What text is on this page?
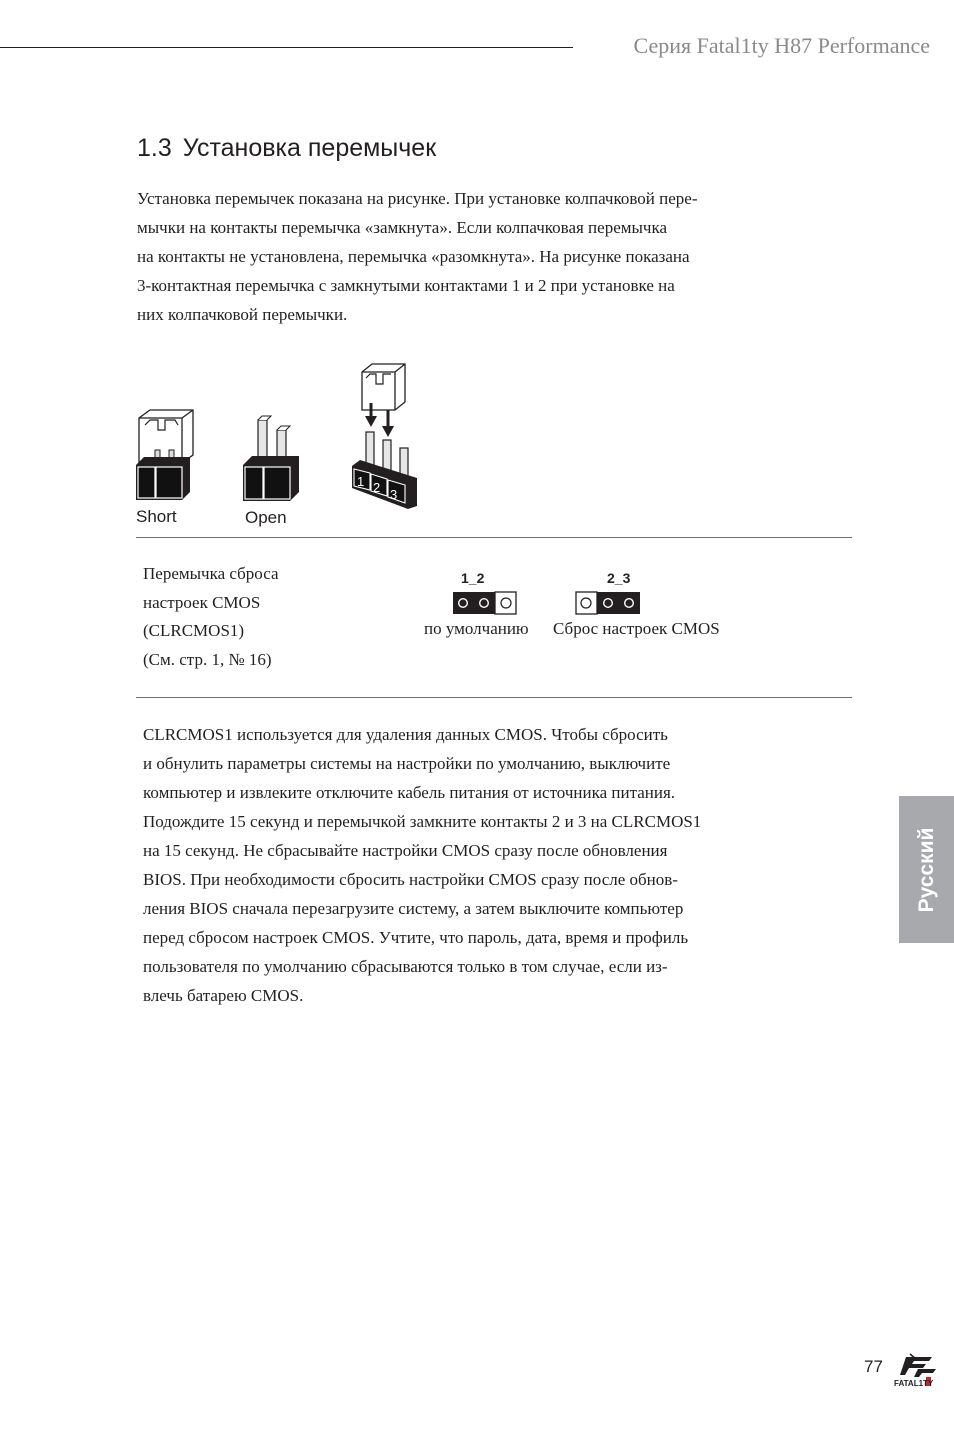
Серия Fatal1ty H87 Performance
1.3 Установка перемычек

Установка перемычек показана на рисунке. При установке колпачковой пере-
мычки на контакты перемычка «замкнута». Если колпачковая перемычка
на контакты не установлена, перемычка «разомкнута». На рисунке показана
3-контактная перемычка с замкнутыми контактами 1 и 2 при установке на
них колпачковой перемычки.

Short	Open
1 2 3
Перемычка сброса
настроек CMOS
(CLRCMOS1)
(См. стр. 1, № 16)
1_2
по умолчанию
2_3
Сброс настроек CMOS

CLRCMOS1 используется для удаления данных CMOS. Чтобы сбросить
и обнулить параметры системы на настройки по умолчанию, выключите
компьютер и извлеките отключите кабель питания от источника питания.
Подождите 15 секунд и перемычкой замкните контакты 2 и 3 на CLRCMOS1
на 15 секунд. Не сбрасывайте настройки CMOS сразу после обновления
BIOS. При необходимости сбросить настройки CMOS сразу после обнов-
ления BIOS сначала перезагрузите систему, а затем выключите компьютер
перед сбросом настроек CMOS. Учтите, что пароль, дата, время и профиль
пользователя по умолчанию сбрасываются только в том случае, если из-
влечь батарею CMOS.

Русский
77
FATAL1TY
